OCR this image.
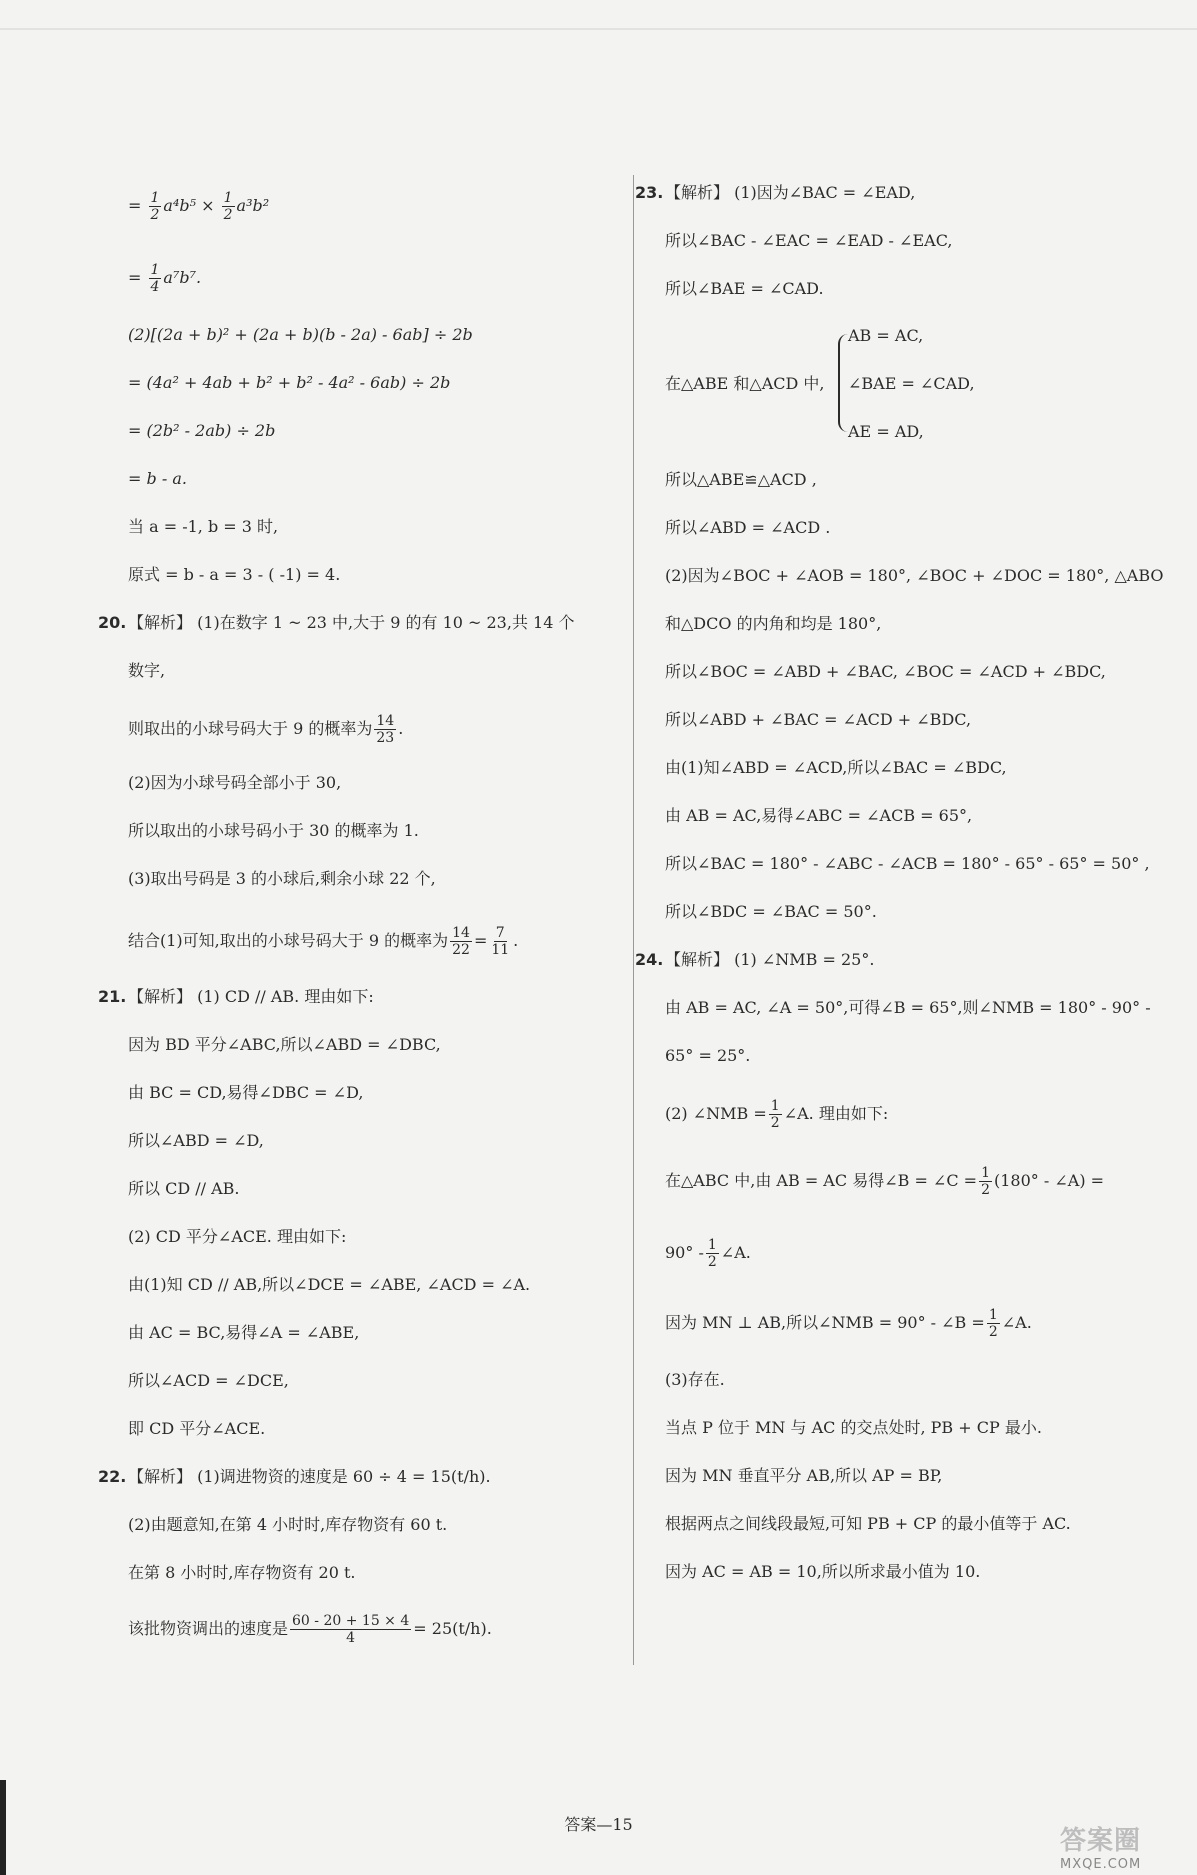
= $\frac{1}{2} a^4b^5 \times \frac{1}{2} a^3b^2$
= $\frac{1}{4} a^7b^7$.
(2)[(2a + b)² + (2a + b)(b - 2a) - 6ab] ÷ 2b
= (4a² + 4ab + b² + b² - 4a² - 6ab) ÷ 2b
= (2b² - 2ab) ÷ 2b
= b - a.
当 a = -1, b = 3 时,
原式 = b - a = 3 - ( -1) = 4.
20. 【解析】 (1)在数字 1 ~ 23 中,大于 9 的有 10 ~ 23,共 14 个
数字,
则取出的小球号码大于 9 的概率为 $\frac{14}{23}$ .
(2)因为小球号码全部小于 30,
所以取出的小球号码小于 30 的概率为 1.
(3)取出号码是 3 的小球后,剩余小球 22 个,
结合(1)可知,取出的小球号码大于 9 的概率为 $\frac{14}{22} = \frac{7}{11}$ .
21. 【解析】 (1) CD // AB. 理由如下:
因为 BD 平分∠ABC,所以∠ABD = ∠DBC,
由 BC = CD,易得∠DBC = ∠D,
所以∠ABD = ∠D,
所以 CD // AB.
(2) CD 平分∠ACE. 理由如下:
由(1)知 CD // AB,所以∠DCE = ∠ABE, ∠ACD = ∠A.
由 AC = BC,易得∠A = ∠ABE,
所以∠ACD = ∠DCE,
即 CD 平分∠ACE.
22. 【解析】 (1)调进物资的速度是 60 ÷ 4 = 15(t/h).
(2)由题意知,在第 4 小时时,库存物资有 60 t.
在第 8 小时时,库存物资有 20 t.
该批物资调出的速度是 $\frac{60 - 20 + 15 \times 4}{4} = 25(t/h)$.
23. 【解析】 (1)因为∠BAC = ∠EAD,
所以∠BAC - ∠EAC = ∠EAD - ∠EAC,
所以∠BAE = ∠CAD.
AB = AC,
在△ABE 和△ACD 中, ∠BAE = ∠CAD,
AE = AD,
所以△ABE≌△ACD ,
所以∠ABD = ∠ACD .
(2)因为∠BOC + ∠AOB = 180°, ∠BOC + ∠DOC = 180°, △ABO
和△DCO 的内角和均是 180°,
所以∠BOC = ∠ABD + ∠BAC, ∠BOC = ∠ACD + ∠BDC,
所以∠ABD + ∠BAC = ∠ACD + ∠BDC,
由(1)知∠ABD = ∠ACD,所以∠BAC = ∠BDC,
由 AB = AC,易得∠ABC = ∠ACB = 65°,
所以∠BAC = 180° - ∠ABC - ∠ACB = 180° - 65° - 65° = 50° ,
所以∠BDC = ∠BAC = 50°.
24. 【解析】 (1) ∠NMB = 25°.
由 AB = AC, ∠A = 50°,可得∠B = 65°,则∠NMB = 180° - 90° -
65° = 25°.
(2) ∠NMB = $\frac{1}{2}$ ∠A. 理由如下:
在△ABC 中,由 AB = AC 易得∠B = ∠C = $\frac{1}{2} (180^\circ$ - ∠A) =
$90^\circ - \frac{1}{2}$ ∠A.
因为 MN ⊥ AB,所以∠NMB = 90° - ∠B = $\frac{1}{2}$ ∠A.
(3)存在.
当点 P 位于 MN 与 AC 的交点处时, PB + CP 最小.
因为 MN 垂直平分 AB,所以 AP = BP,
根据两点之间线段最短,可知 PB + CP 的最小值等于 AC.
因为 AC = AB = 10,所以所求最小值为 10.
答案—15
答案圈
MXQE.COM
